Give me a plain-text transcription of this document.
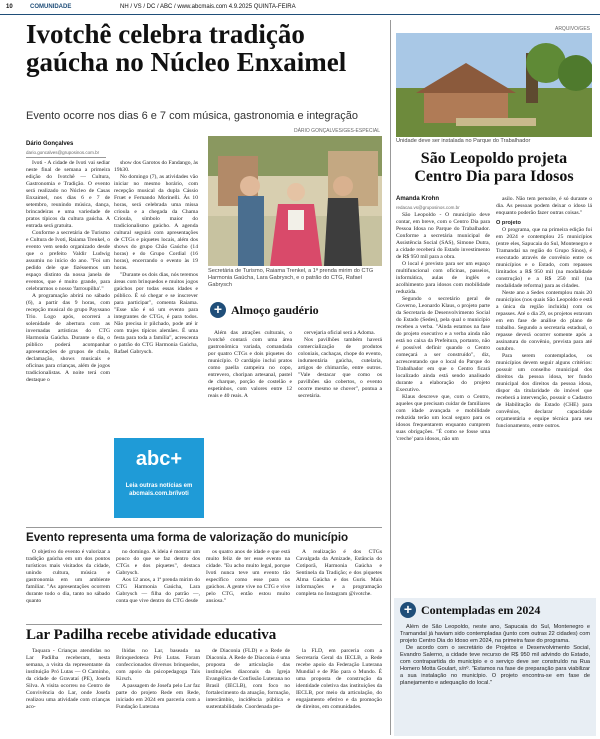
10	COMUNIDADE	NH / VS / DC / ABC / www.abcmais.com 4.9.2025 QUINTA-FEIRA
Ivotchê celebra tradição
gaúcha no Núcleo Enxaimel
Evento ocorre nos dias 6 e 7 com música, gastronomia e integração
Dário Gonçalves
dario.goncalves@gruposinos.com.br

Ivoti - A cidade de Ivoti vai sediar neste final de semana a primeira edição do Ivotchê — Cultura, Gastronomia e Tradição. O evento será realizado no Núcleo de Casas Enxaimel, nos dias 6 e 7 de setembro, reunindo música, dança, brincadeiras e uma variedade de pratos típicos da cultura gaúcha. A entrada será gratuita.

Conforme a secretária de Turismo e Cultura de Ivoti, Raiama Trenkel, o evento vem sendo organizado desde que o prefeito Valdir Ludwig assumiu no início do ano. "Foi um pedido dele que fizéssemos um espaço distinto da nossa janela de eventos, que é muito grande, para celebrarmos o nosso 'farroupilha'."

A programação abrirá no sábado (6), a partir das 9 horas, com recepção musical do grupo Payssano Trio. Logo após, ocorrerá a solenidade de abertura com as invernadas artísticas do CTG Harmonia Gaúcha. Durante o dia, o público poderá acompanhar apresentações de grupos de chula, declamação, shows musicais e oficinas para crianças, além de jogos tradicionalistas. A noite terá com destaque o

show dos Garotos do Fandango, às 19h30.

No domingo (7), as atividades vão iniciar no mesmo horário, com recepção musical da dupla Cássio Fruet e Fernando Morinelli. Às 10 horas, será celebrada uma missa crioula e a chegada da Chama Crioula, símbolo maior do tradicionalismo gaúcho. A agenda cultural seguirá com apresentações de CTGs e piquetes locais, além dos shows do grupo Chão Gaúcho (14 horas) e do Grupo Cordial (16 horas), encerrando o evento às 19 horas.

"Durante os dois dias, nós teremos áreas com brinquedos e muitos jogos gaúchos por todas essas idades e público. É só chegar e se inscrever para participar", comenta Raiama. "Esse não é só um evento para integrantes de CTGs, é para todos. Não precisa ir pilchado, pode até ir com trajes típicos alemães. É uma festa para toda a família", acrescenta o patrão do CTG Harmonia Gaúcha, Rafael Gabrysch.

DÁRIO GONÇALVES/GES-ESPECIAL
Secretária de Turismo, Raiama Trenkel, a 1ª prenda mirim do CTG Harmonia Gaúcha, Lara Gabrysch, e o patrão do CTG, Rafael Gabrysch
abc+
Leia outras notícias em abcmais.com.br/ivoti
+ Almoço gaudério

Além das atrações culturais, o Ivotchê contará com uma área gastronômica variada, comandada por quatro CTGs e dois piquetes do município. O cardápio inclui pratos como paella campeira no copo, entrevero, choripan artesanal, pastel de charque, porção de costelão e espetinhos, com valores entre 12 reais e 40 reais. A

cervejaria oficial será a Adoma.

Nos pavilhões também haverá comercialização de produtos coloniais, cachaças, chope do evento, indumentária gaúcha, cutelaria, artigos de chimarrão, entre outros. "Vale destacar que como os pavilhões são cobertos, o evento ocorre mesmo se chover", pontua a secretária.

Evento representa uma forma de valorização do município

O objetivo do evento é valorizar a tradição gaúcha em um dos pontos turísticos mais visitados da cidade, unindo cultura, música e gastronomia em um ambiente familiar. "As apresentações ocorrem durante todo o dia, tanto no sábado quanto

no domingo. A ideia é mostrar um pouco do que se faz dentro dos CTGs e dos piquetes", destaca Gabrysch.

Aos 12 anos, a 1ª prenda mirim do CTG Harmonia Gaúcha, Lara Gabrysch — filha do patrão —, conta que vive dentro do CTG desde

os quatro anos de idade e que está muito feliz de ter esse evento na cidade. "Eu acho muito legal, porque Ivoti nunca teve um evento tão específico como esse para os gaúchos. A gente vive no CTG e vive pelo CTG, então estou muito ansiosa."

A realização é dos CTGs Cavalgada da Amizade, Estância do Cotiporã, Harmonia Gaúcha e Sentinela da Tradição; e dos piquetes Alma Gaúcha e dos Guris. Mais informações e a programação completa no Instagram @ivotche.

Lar Padilha recebe atividade educativa

Taquara - Crianças atendidas no Lar Padilha receberam, nesta semana, a visita da representante da instituição Pró Lutas — O Caminho, da cidade de Gravataí (PE), Josefa Silva. A visita ocorreu no Centro de Convivência do Lar, onde Josefa realizou uma atividade com crianças aco-

lhidas no Lar, baseada na Brinquedoteca Pró Lutas. Foram confeccionados diversos brinquedos, com apoio da psicopedagoga Tais Kirsch.

A passagem de Josefa pelo Lar faz parte do projeto Rede em Rede, iniciado em 2024 em parceria com a Fundação Luterana

de Diaconia (FLD) e a Rede de Diaconia. A Rede de Diaconia é uma proposta de articulação das instituições diaconais da Igreja Evangélica de Confissão Luterana no Brasil (IECLB), com foco no fortalecimento da atuação, formação, intercâmbio, incidência pública e sustentabilidade. Coordenada pe-

la FLD, em parceria com a Secretaria Geral da IECLB, a Rede recebe apoio da Federação Luterana Mundial e de Pão para o Mundo. É uma proposta de construção da identidade coletiva das instituições da IECLB, por meio da articulação, do engajamento efetivo e da promoção de direitos, em comunidades.

ARQUIVO/GES
Unidade deve ser instalada no Parque do Trabalhador
São Leopoldo projeta
Centro Dia para Idosos
Amanda Krohn
redacao.vs@gruposinos.com.br

São Leopoldo - O município deve contar, em breve, com o Centro Dia para Pessoa Idosa no Parque do Trabalhador. Conforme a secretária municipal de Assistência Social (SAS), Simone Dutra, a cidade receberá do Estado investimento de R$ 950 mil para a obra.

O local é previsto para ser um espaço multifuncional com oficinas, passeios, informática, aulas de inglês e acolhimento para idosos com mobilidade reduzida.

Segundo o secretário geral de Governo, Leonardo Klaus, o projeto parte da Secretaria de Desenvolvimento Social do Estado (Sedes), pela qual o município recebeu a verba. "Ainda estamos na fase do projeto executivo e a verba ainda não está no caixa da Prefeitura, portanto, não é possível definir quando o Centro começará a ser construído", diz, acrescentando que o local do Parque do Trabalhador em que o Centro ficará localizado ainda está sendo analisado durante a elaboração do projeto Executivo.

Klaus descreve que, com o Centro, aqueles que precisam cuidar de familiares com idade avançada e mobilidade reduzida terão um local seguro para os idosos frequentarem enquanto cumprem suas obrigações. "É como se fosse uma 'creche' para idosos, não um

asilo. Não tem pernoite, é só durante o dia. As pessoas podem deixar o idoso lá enquanto poderão fazer outras coisas."

O projeto

O programa, que na primeira edição foi em 2024 e contemplou 25 municípios (entre eles, Sapucaia do Sul, Montenegro e Tramandaí na região do Grupo Sinos), é executado através de convênio entre os municípios e o Estado, com repasses limitados a R$ 950 mil (na modalidade construção) e a R$ 250 mil (na modalidade reforma) para as cidades.

Neste ano a Sedes contemplou mais 20 municípios (nos quais São Leopoldo e está a única da região incluída) com os repasses. Até o dia 29, os projetos estavam em em fase de análise do plano de trabalho. Segundo a secretaria estadual, o repasse deverá ocorrer somente após a assinatura do convênio, prevista para até outubro.

Para serem contemplados, os municípios devem seguir alguns critérios: possuir um conselho municipal dos direitos da pessoa idosa, ter fundo municipal dos direitos da pessoa idosa, dispor da titularidade do imóvel que receberá a intervenção, possuir o Cadastro de Habilitação do Estado (CHE) para convênios, declarar capacidade orçamentária e equipe técnica para seu funcionamento, entre outros.

+ Contempladas em 2024

Além de São Leopoldo, neste ano, Sapucaia do Sul, Montenegro e Tramandaí já haviam sido contempladas (junto com outras 22 cidades) com projeto Centro Dia do Idoso em 2024, na primeira fase do programa.

De acordo com o secretário de Projetos e Desenvolvimento Social, Evandro Salerno, a cidade teve recurso de R$ 950 mil advindo do Estado, com contrapartida do município e o serviço deve ser construído na Rua Homero Motta Goulart, s/nº. "Estamos na fase de preparação para viabilizar a sua instalação no município. O projeto encontra-se em fase de planejamento e adequação do local."
